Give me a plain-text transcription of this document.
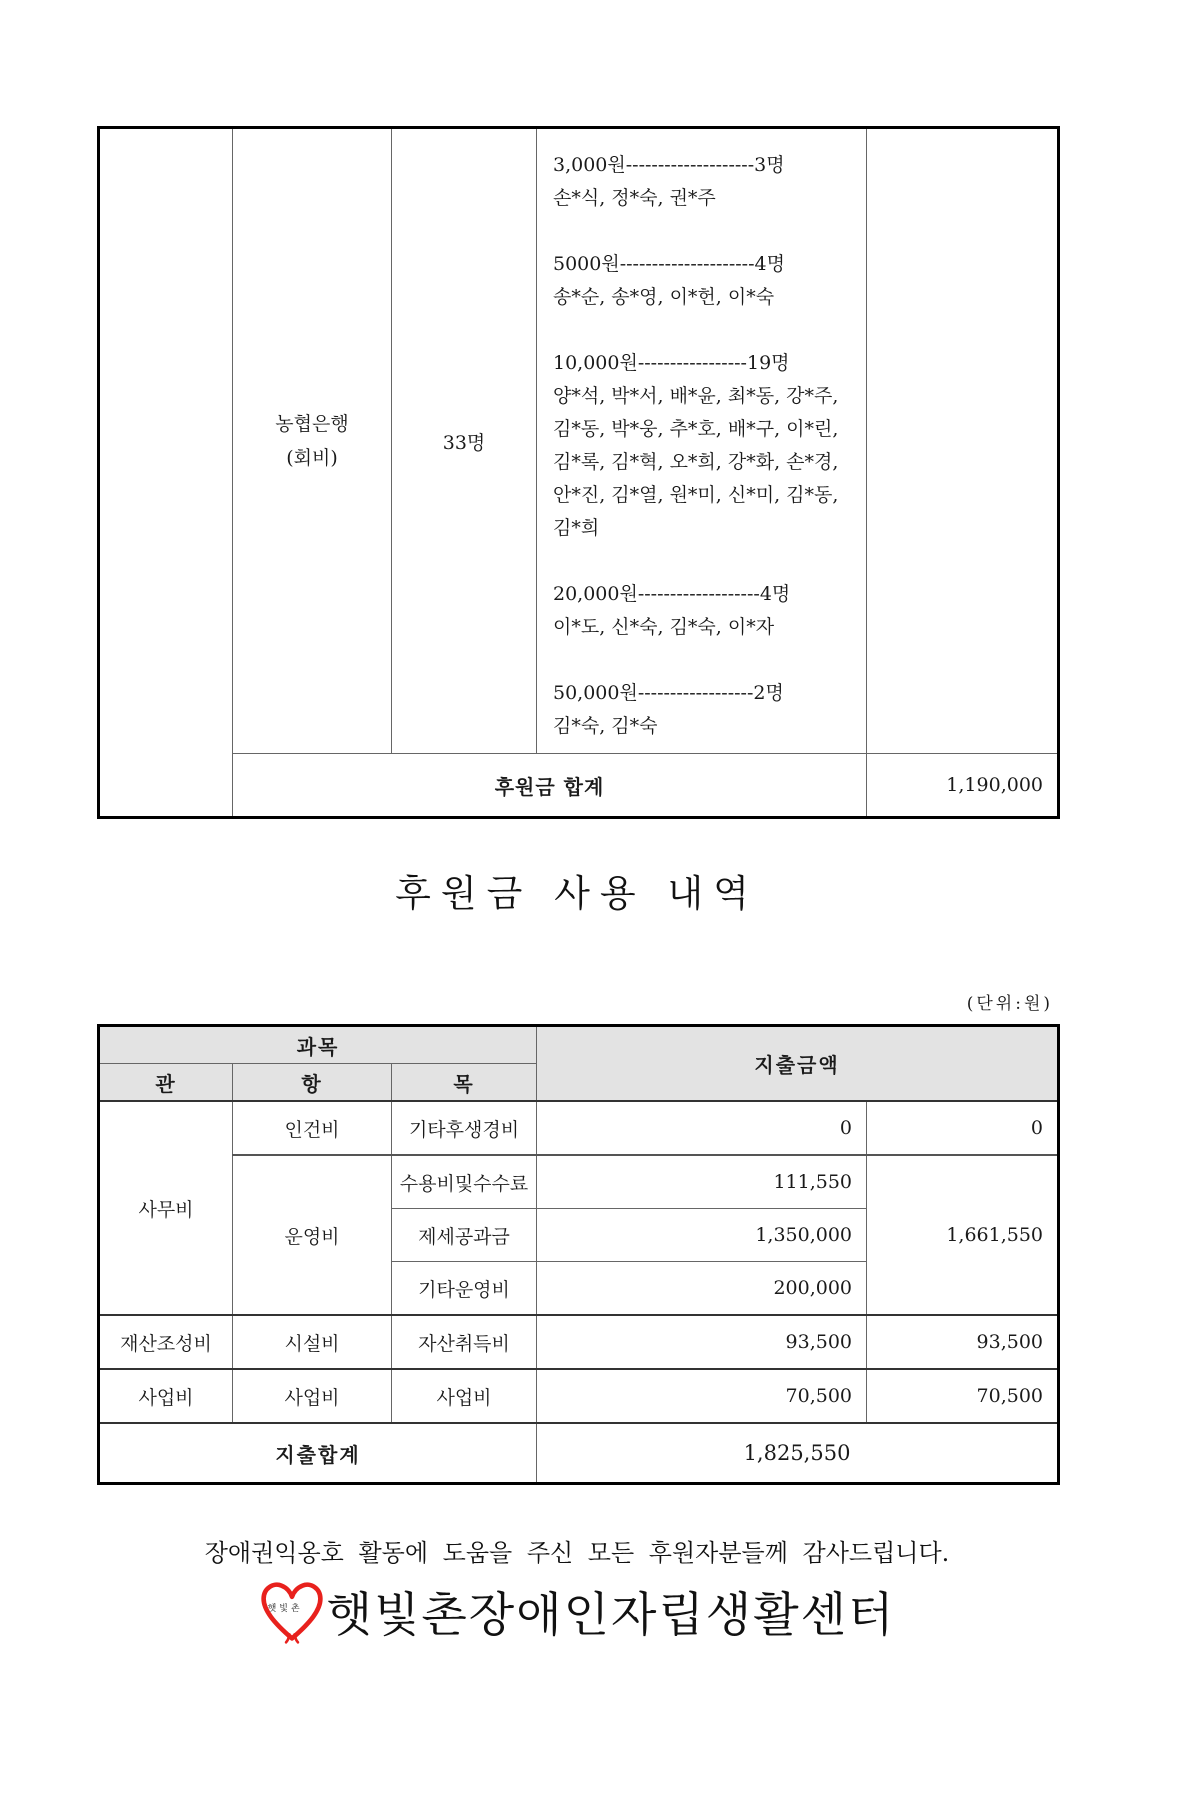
농협은행
(회비)
	33명	
3,000원--------------------3명
손*식, 정*숙, 권*주
5000원---------------------4명
송*순, 송*영, 이*헌, 이*숙
10,000원-----------------19명
양*석, 박*서, 배*윤, 최*동, 강*주, 김*동, 박*웅, 추*호, 배*구, 이*린, 김*록, 김*혁, 오*희, 강*화, 손*경, 안*진, 김*열, 원*미, 신*미, 김*동, 김*희
20,000원-------------------4명
이*도, 신*숙, 김*숙, 이*자
50,000원------------------2명
김*숙, 김*숙

	후원금 합계			1,190,000
후원금 사용 내역
(단위:원)
과목			지출금액	
관	항	목		
사무비	인건비	기타후생경비	0	0
	운영비	수용비및수수료	111,550	1,661,550
		제세공과금	1,350,000	
		기타운영비	200,000	
재산조성비	시설비	자산취득비	93,500	93,500
사업비	사업비	사업비	70,500	70,500
지출합계			1,825,550	
장애권익옹호 활동에 도움을 주신 모든 후원자분들께 감사드립니다.
햇빛촌 햇빛촌장애인자립생활센터
